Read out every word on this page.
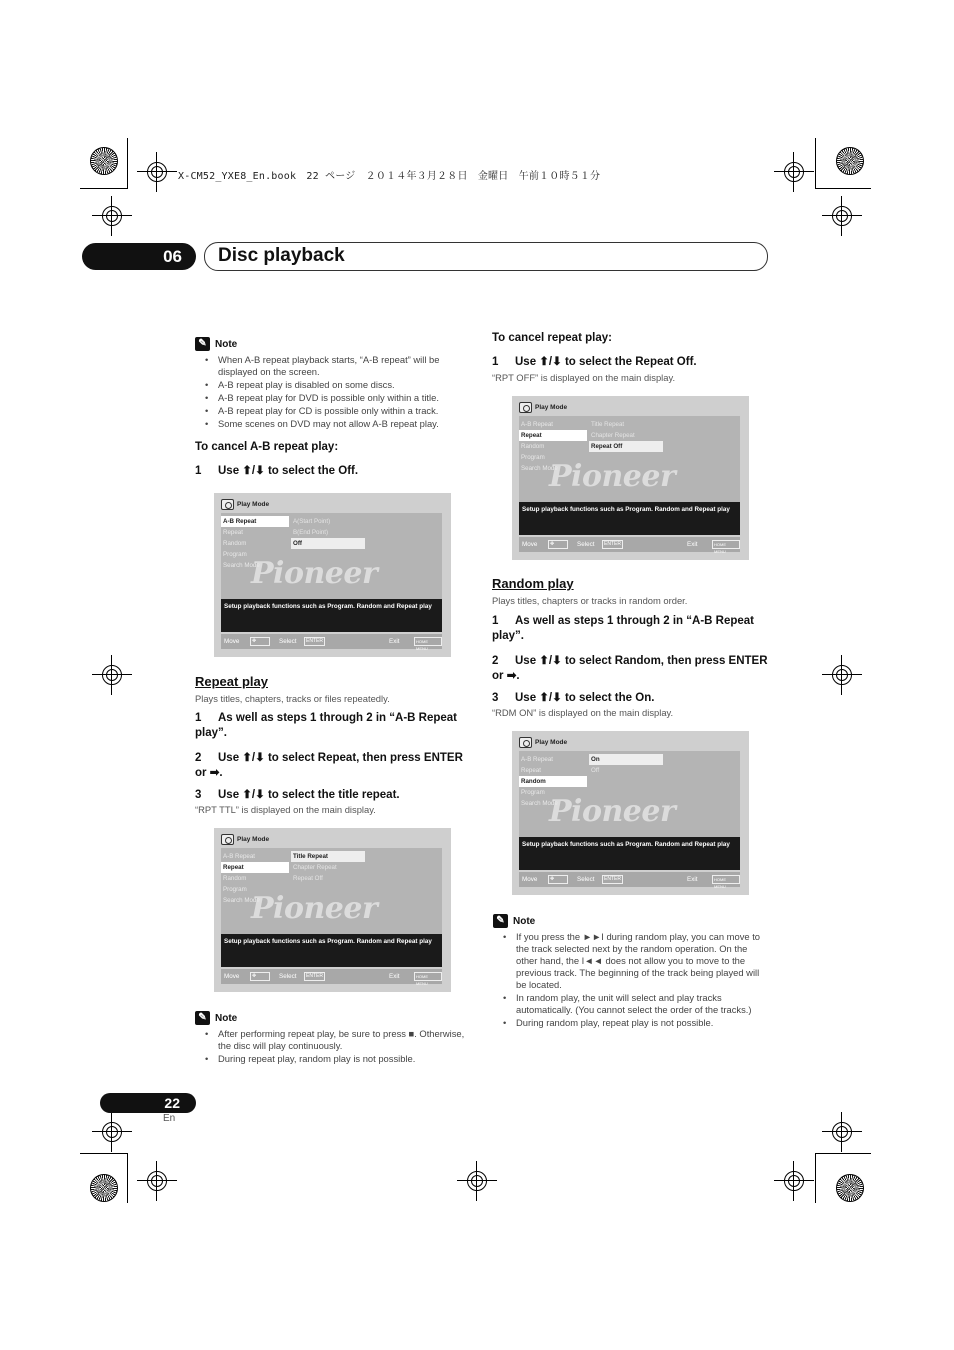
X-CM52_YXE8_En.book　22 ページ　２０１４年３月２８日　金曜日　午前１０時５１分
06	Disc playback
✎ Note
• When A-B repeat playback starts, “A-B repeat” will be displayed on the screen.
• A-B repeat play is disabled on some discs.
• A-B repeat play for DVD is possible only within a title.
• A-B repeat play for CD is possible only within a track.
• Some scenes on DVD may not allow A-B repeat play.
To cancel A-B repeat play:
1 Use ⬆/⬇ to select the Off.
Play Mode
Pioneer
A-B Repeat
Repeat
Random
Program
Search Mode
A(Start Point)
B(End Point)
Off
Setup playback functions such as Program. Random and Repeat play
Move	✥	Select	ENTER	Exit	HOME MENU
Repeat play
Plays titles, chapters, tracks or files repeatedly.
1 As well as steps 1 through 2 in “A-B Repeat play”.
2 Use ⬆/⬇ to select Repeat, then press ENTER or ➡.
3 Use ⬆/⬇ to select the title repeat.
“RPT TTL” is displayed on the main display.
Play Mode
Pioneer
A-B Repeat
Repeat
Random
Program
Search Mode
Title Repeat
Chapter Repeat
Repeat Off
Setup playback functions such as Program. Random and Repeat play
Move	✥	Select	ENTER	Exit	HOME MENU
✎ Note
• After performing repeat play, be sure to press ■. Otherwise, the disc will play continuously.
• During repeat play, random play is not possible.
To cancel repeat play:
1 Use ⬆/⬇ to select the Repeat Off.
“RPT OFF” is displayed on the main display.
Play Mode
Pioneer
A-B Repeat
Repeat
Random
Program
Search Mode
Title Repeat
Chapter Repeat
Repeat Off
Setup playback functions such as Program. Random and Repeat play
Move	✥	Select	ENTER	Exit	HOME MENU
Random play
Plays titles, chapters or tracks in random order.
1 As well as steps 1 through 2 in “A-B Repeat play”.
2 Use ⬆/⬇ to select Random, then press ENTER or ➡.
3 Use ⬆/⬇ to select the On.
“RDM ON” is displayed on the main display.
Play Mode
Pioneer
A-B Repeat
Repeat
Random
Program
Search Mode
On
Off
Setup playback functions such as Program. Random and Repeat play
Move	✥	Select	ENTER	Exit	HOME MENU
✎ Note
• If you press the ►►I during random play, you can move to the track selected next by the random operation. On the other hand, the I◄◄ does not allow you to move to the previous track. The beginning of the track being played will be located.
• In random play, the unit will select and play tracks automatically. (You cannot select the order of the tracks.)
• During random play, repeat play is not possible.
22
En
